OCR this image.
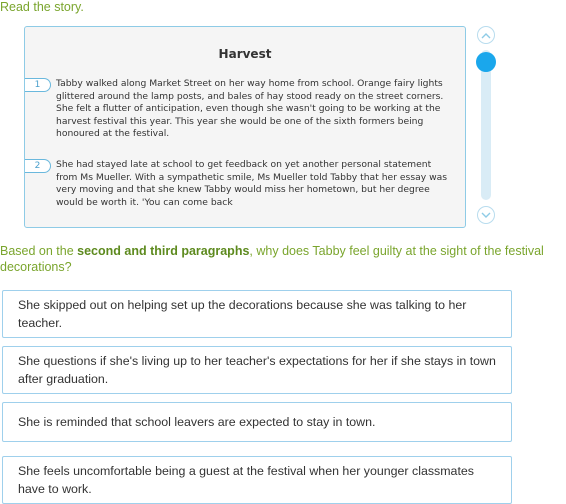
Read the story.
Harvest
1	Tabby walked along Market Street on her way home from school. Orange fairy lights glittered around the lamp posts, and bales of hay stood ready on the street corners. She felt a flutter of anticipation, even though she wasn't going to be working at the harvest festival this year. This year she would be one of the sixth formers being honoured at the festival.
2	She had stayed late at school to get feedback on yet another personal statement from Ms Mueller. With a sympathetic smile, Ms Mueller told Tabby that her essay was very moving and that she knew Tabby would miss her hometown, but her degree would be worth it. 'You can come back
Based on the second and third paragraphs, why does Tabby feel guilty at the sight of the festival decorations?
She skipped out on helping set up the decorations because she was talking to her teacher.
She questions if she's living up to her teacher's expectations for her if she stays in town after graduation.
She is reminded that school leavers are expected to stay in town.
She feels uncomfortable being a guest at the festival when her younger classmates have to work.
